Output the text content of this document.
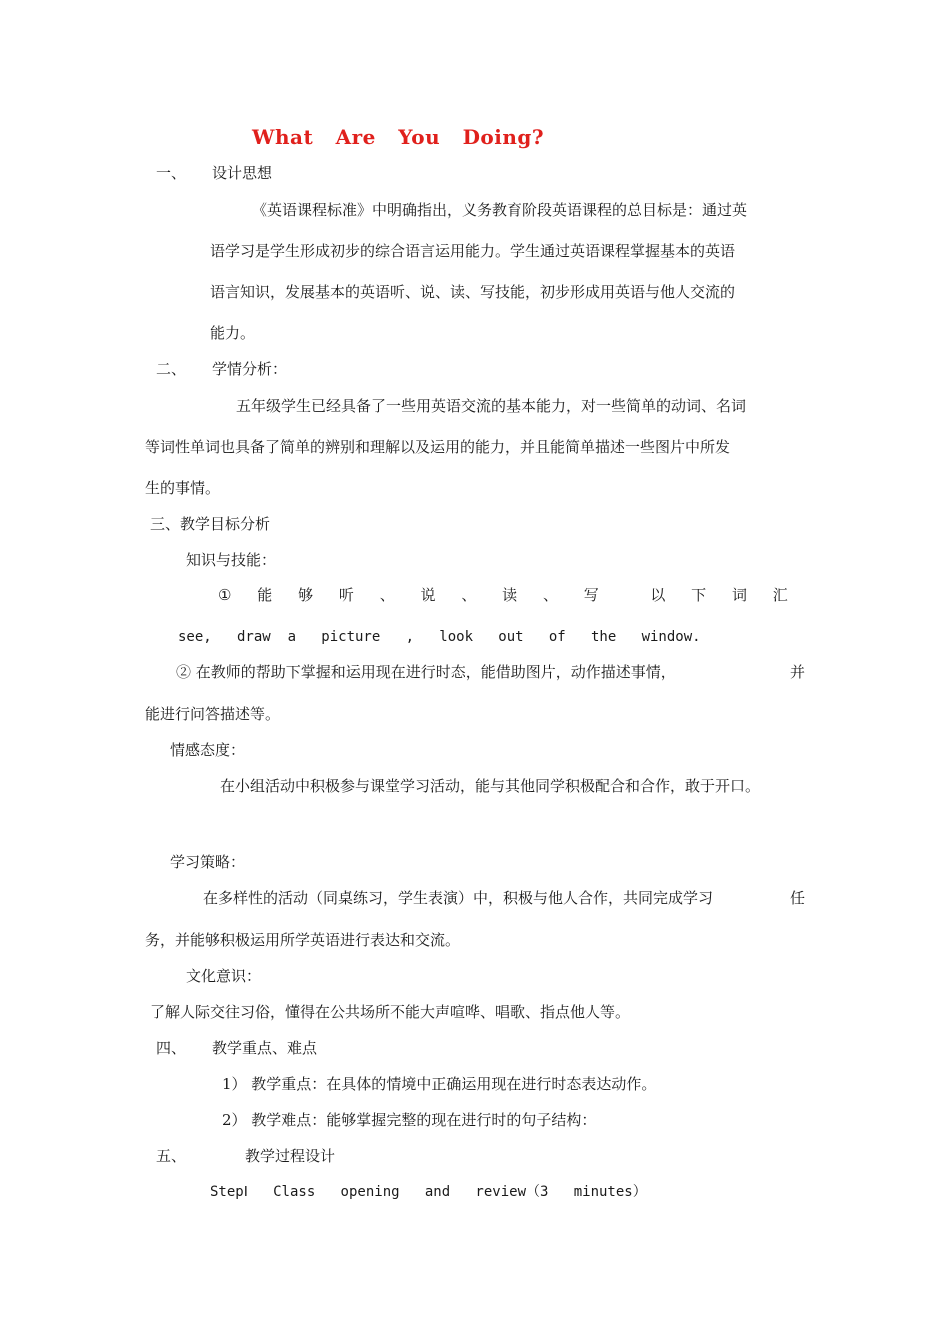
What   Are   You   Doing?
一、 设计思想
《英语课程标准》中明确指出，义务教育阶段英语课程的总目标是：通过英
语学习是学生形成初步的综合语言运用能力。学生通过英语课程掌握基本的英语
语言知识，发展基本的英语听、说、读、写技能，初步形成用英语与他人交流的
能力。
二、 学情分析：
五年级学生已经具备了一些用英语交流的基本能力，对一些简单的动词、名词
等词性单词也具备了简单的辨别和理解以及运用的能力，并且能简单描述一些图片中所发
生的事情。
三、教学目标分析
知识与技能：
① 能 够 听 、 说 、 读 、 写	以 下 词 汇
see,   draw  a   picture   ,   look   out   of   the   window.
② 在教师的帮助下掌握和运用现在进行时态，能借助图片，动作描述事情，	并
能进行问答描述等。
情感态度：
在小组活动中积极参与课堂学习活动，能与其他同学积极配合和合作，敢于开口。
学习策略：
在多样性的活动（同桌练习，学生表演）中，积极与他人合作，共同完成学习	任
务，并能够积极运用所学英语进行表达和交流。
文化意识：
了解人际交往习俗，懂得在公共场所不能大声喧哗、唱歌、指点他人等。
四、 教学重点、难点
1） 教学重点：在具体的情境中正确运用现在进行时态表达动作。
2） 教学难点：能够掌握完整的现在进行时的句子结构：
五、	教学过程设计
StepⅠ   Class   opening   and   review（3   minutes）
